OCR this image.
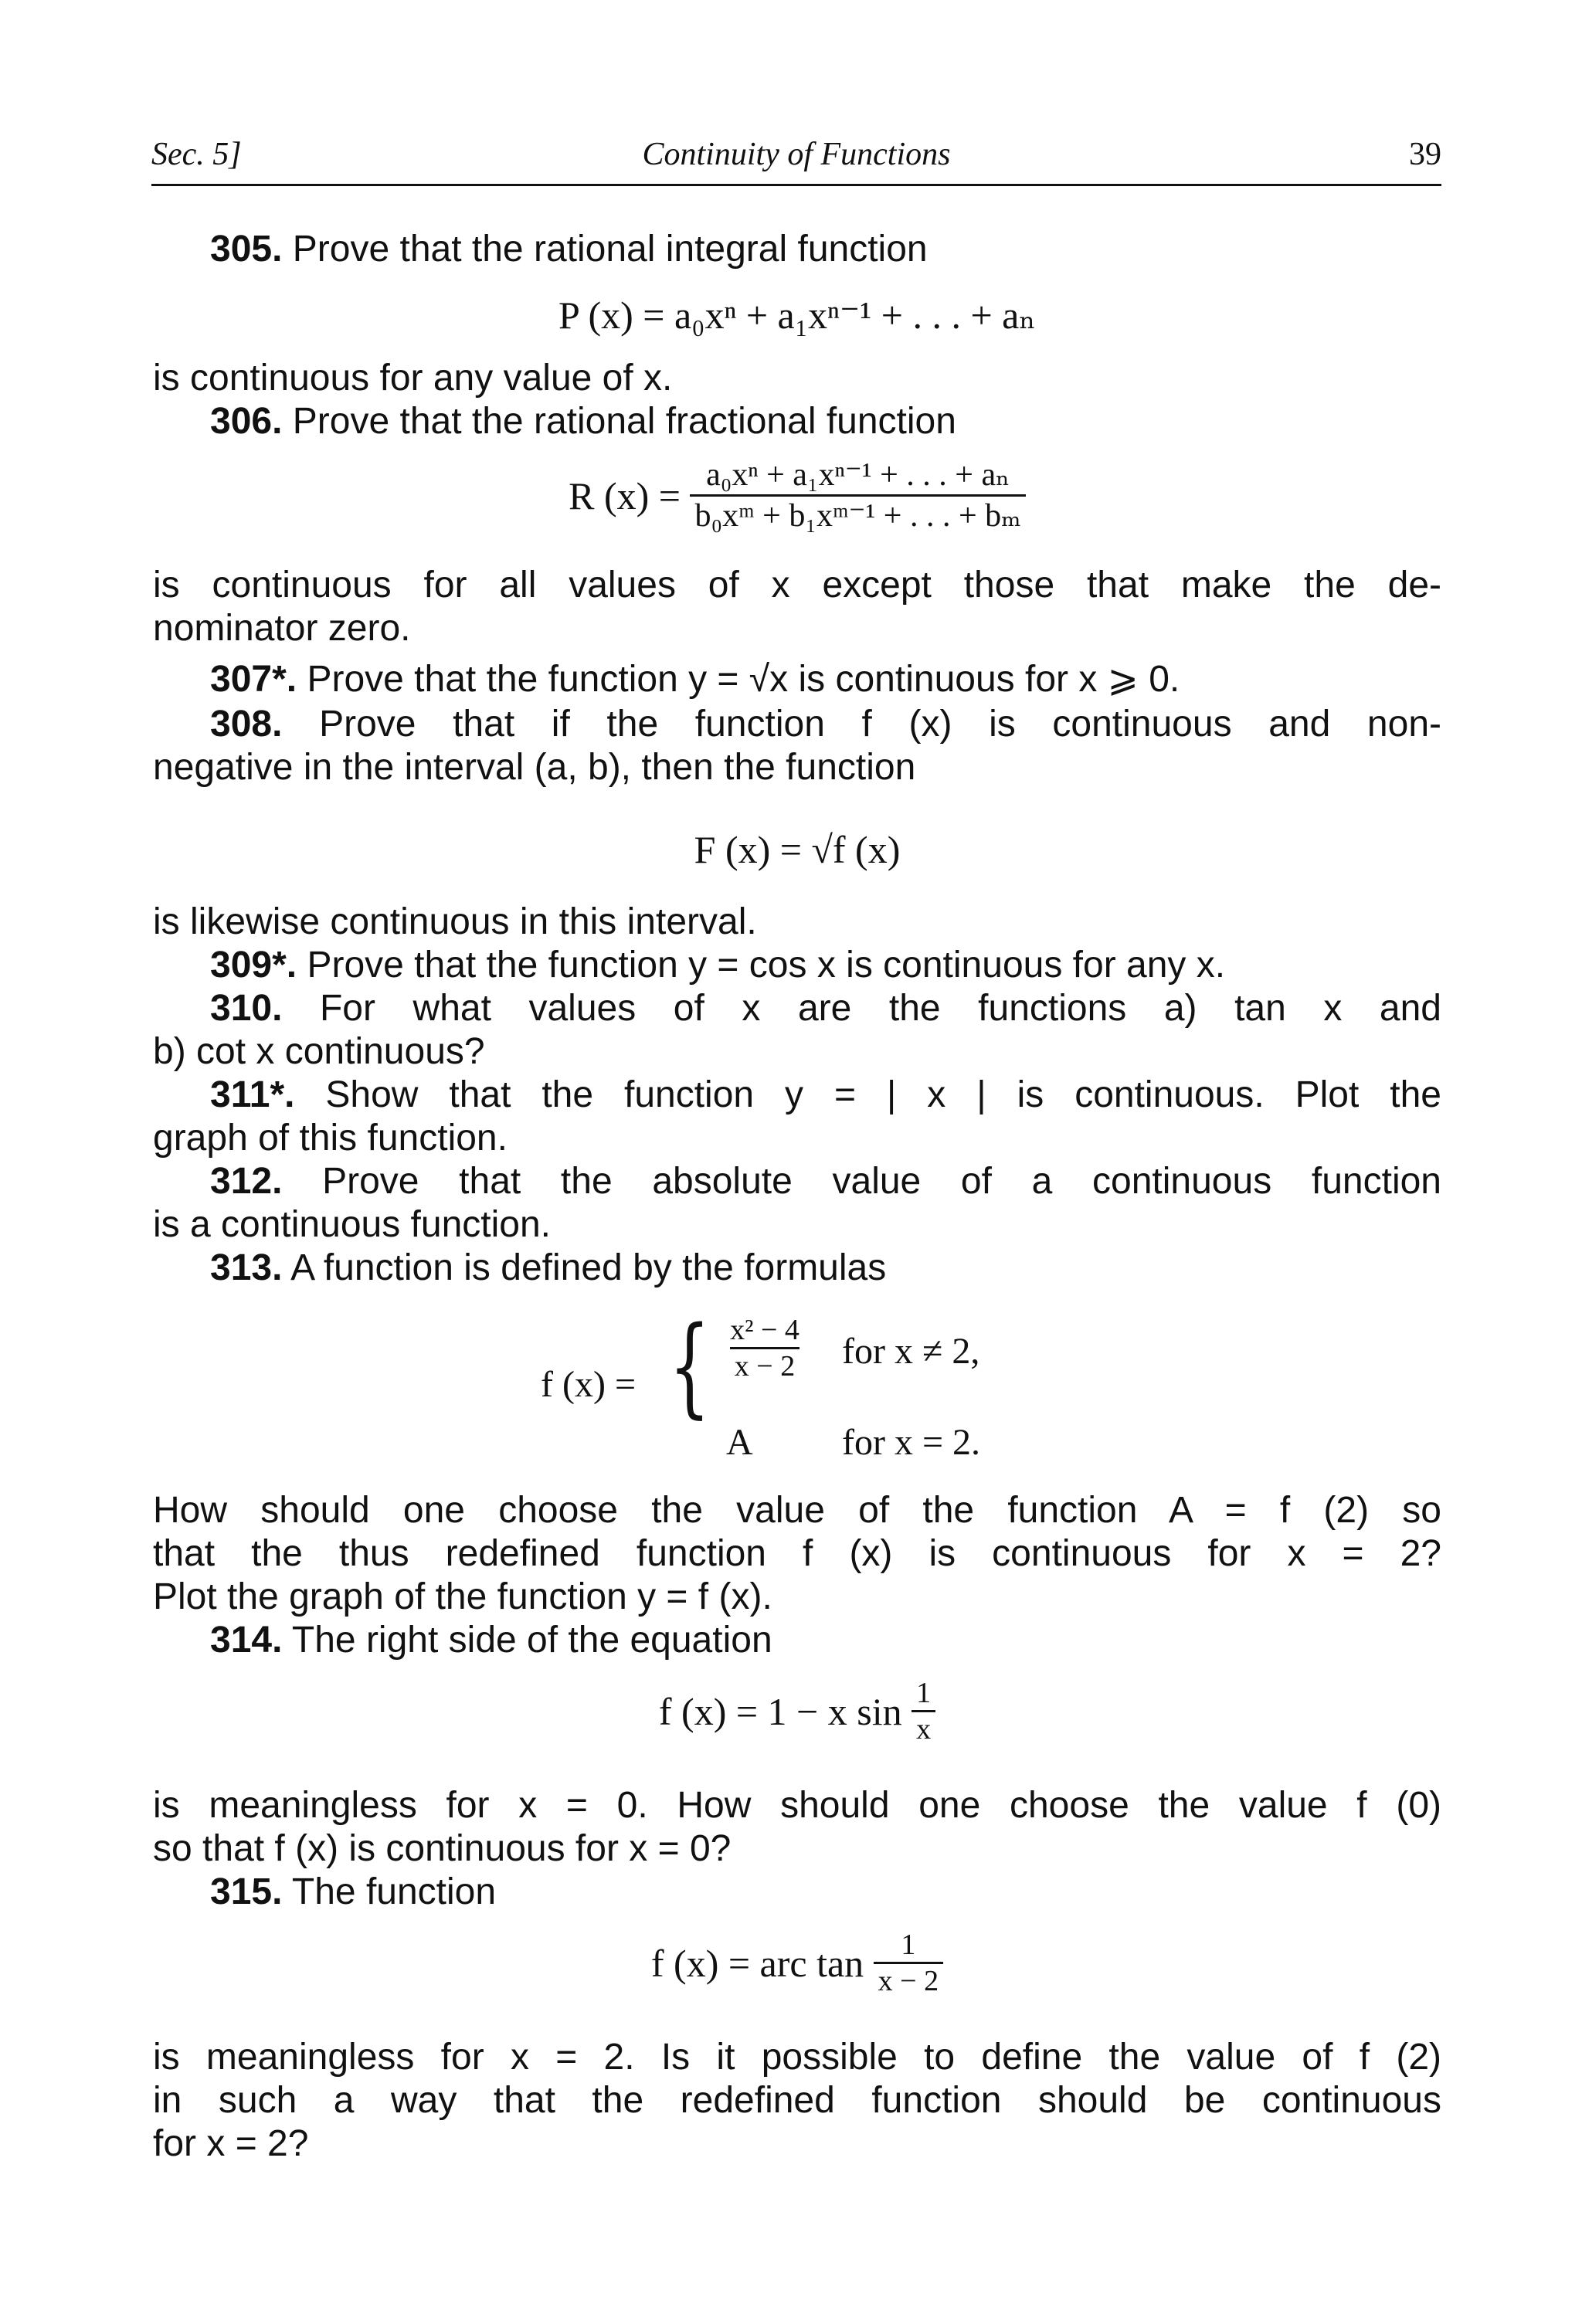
Sec. 5]	Continuity of Functions	39
305. Prove that the rational integral function
P (x) = a₀xⁿ + a₁xⁿ⁻¹ + . . . + aₙ
is continuous for any value of x.
306. Prove that the rational fractional function
R $(x) = \frac{\text{a₀xⁿ + a₁xⁿ⁻¹ + . . . + aₙ}}{\text{b₀xᵐ + b₁xᵐ⁻¹ + . . . + bₘ}}$
is continuous for all values of x except those that make the de-
nominator zero.
307*. Prove that the function y = √x is continuous for x ⩾ 0.
308. Prove that if the function f (x) is continuous and non-
negative in the interval (a, b), then the function
F (x) = √f (x)
is likewise continuous in this interval.
309*. Prove that the function y = cos x is continuous for any x.
310. For what values of x are the functions a) tan x and
b) cot x continuous?
311*. Show that the function y = | x | is continuous. Plot the
graph of this function.
312. Prove that the absolute value of a continuous function
is a continuous function.
313. A function is defined by the formulas
f (x) = { $\frac{\text{x² − 4}}{x - 2}$ for x ≠ 2,
A for x = 2.
How should one choose the value of the function A = f (2) so
that the thus redefined function f (x) is continuous for x = 2?
Plot the graph of the function y = f (x).
314. The right side of the equation
f (x) = 1 − x $\sin \frac{1}{x}$
is meaningless for x = 0. How should one choose the value f (0)
so that f (x) is continuous for x = 0?
315. The function
f (x) = arc $\tan \frac{1}{x - 2}$
is meaningless for x = 2. Is it possible to define the value of f (2)
in such a way that the redefined function should be continuous
for x = 2?
